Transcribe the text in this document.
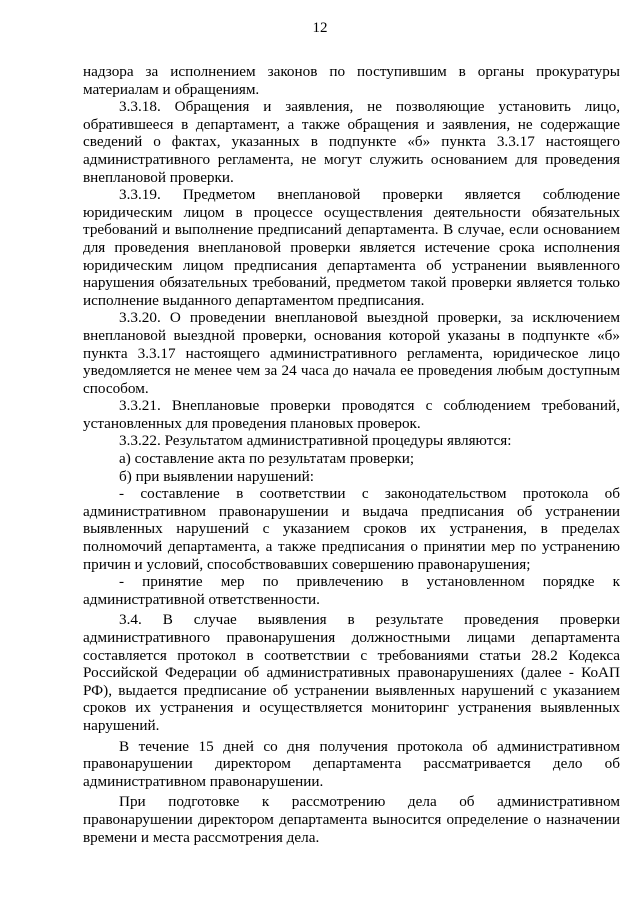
12

надзора за исполнением законов по поступившим в органы прокуратуры материалам и обращениям.

3.3.18. Обращения и заявления, не позволяющие установить лицо, обратившееся в департамент, а также обращения и заявления, не содержащие сведений о фактах, указанных в подпункте «б» пункта 3.3.17 настоящего административного регламента, не могут служить основанием для проведения внеплановой проверки.

3.3.19. Предметом внеплановой проверки является соблюдение юридическим лицом в процессе осуществления деятельности обязательных требований и выполнение предписаний департамента. В случае, если основанием для проведения внеплановой проверки является истечение срока исполнения юридическим лицом предписания департамента об устранении выявленного нарушения обязательных требований, предметом такой проверки является только исполнение выданного департаментом предписания.

3.3.20. О проведении внеплановой выездной проверки, за исключением внеплановой выездной проверки, основания которой указаны в подпункте «б» пункта 3.3.17 настоящего административного регламента, юридическое лицо уведомляется не менее чем за 24 часа до начала ее проведения любым доступным способом.

3.3.21. Внеплановые проверки проводятся с соблюдением требований, установленных для проведения плановых проверок.

3.3.22. Результатом административной процедуры являются:

а) составление акта по результатам проверки;

б) при выявлении нарушений:

- составление в соответствии с законодательством протокола об административном правонарушении и выдача предписания об устранении выявленных нарушений с указанием сроков их устранения, в пределах полномочий департамента, а также предписания о принятии мер по устранению причин и условий, способствовавших совершению правонарушения;

- принятие мер по привлечению в установленном порядке к административной ответственности.

3.4. В случае выявления в результате проведения проверки административного правонарушения должностными лицами департамента составляется протокол в соответствии с требованиями статьи 28.2 Кодекса Российской Федерации об административных правонарушениях (далее - КоАП РФ), выдается предписание об устранении выявленных нарушений с указанием сроков их устранения и осуществляется мониторинг устранения выявленных нарушений.

В течение 15 дней со дня получения протокола об административном правонарушении директором департамента рассматривается дело об административном правонарушении.

При подготовке к рассмотрению дела об административном правонарушении директором департамента выносится определение о назначении времени и места рассмотрения дела.
